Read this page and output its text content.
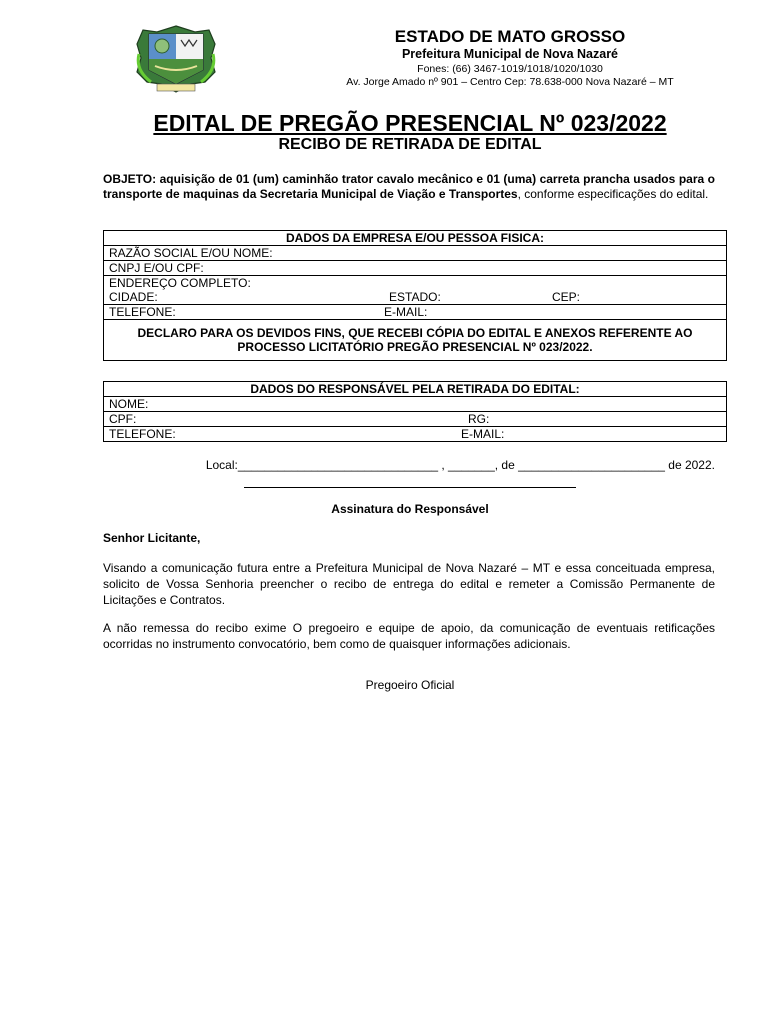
ESTADO DE MATO GROSSO
Prefeitura Municipal de Nova Nazaré
Fones: (66) 3467-1019/1018/1020/1030
Av. Jorge Amado nº 901 – Centro Cep: 78.638-000 Nova Nazaré – MT
EDITAL DE PREGÃO PRESENCIAL Nº 023/2022
RECIBO DE RETIRADA DE EDITAL
OBJETO: aquisição de 01 (um) caminhão trator cavalo mecânico e 01 (uma) carreta prancha usados para o transporte de maquinas da Secretaria Municipal de Viação e Transportes, conforme especificações do edital.
DADOS DA EMPRESA E/OU PESSOA FISICA:
RAZÃO SOCIAL E/OU NOME:
CNPJ E/OU CPF:

ENDEREÇO COMPLETO:
CIDADE:	ESTADO:	CEP:

TELEFONE:	E-MAIL:

DECLARO PARA OS DEVIDOS FINS, QUE RECEBI CÓPIA DO EDITAL E ANEXOS REFERENTE AO PROCESSO LICITATÓRIO PREGÃO PRESENCIAL Nº 023/2022.
DADOS DO RESPONSÁVEL PELA RETIRADA DO EDITAL:
NOME:

CPF:	RG:

TELEFONE:	E-MAIL:
Local:______________________________ , _______, de ______________________ de 2022.
Assinatura do Responsável
Senhor Licitante,
Visando a comunicação futura entre a Prefeitura Municipal de Nova Nazaré – MT e essa conceituada empresa, solicito de Vossa Senhoria preencher o recibo de entrega do edital e remeter a Comissão Permanente de Licitações e Contratos.
A não remessa do recibo exime O pregoeiro e equipe de apoio, da comunicação de eventuais retificações ocorridas no instrumento convocatório, bem como de quaisquer informações adicionais.
Pregoeiro Oficial
